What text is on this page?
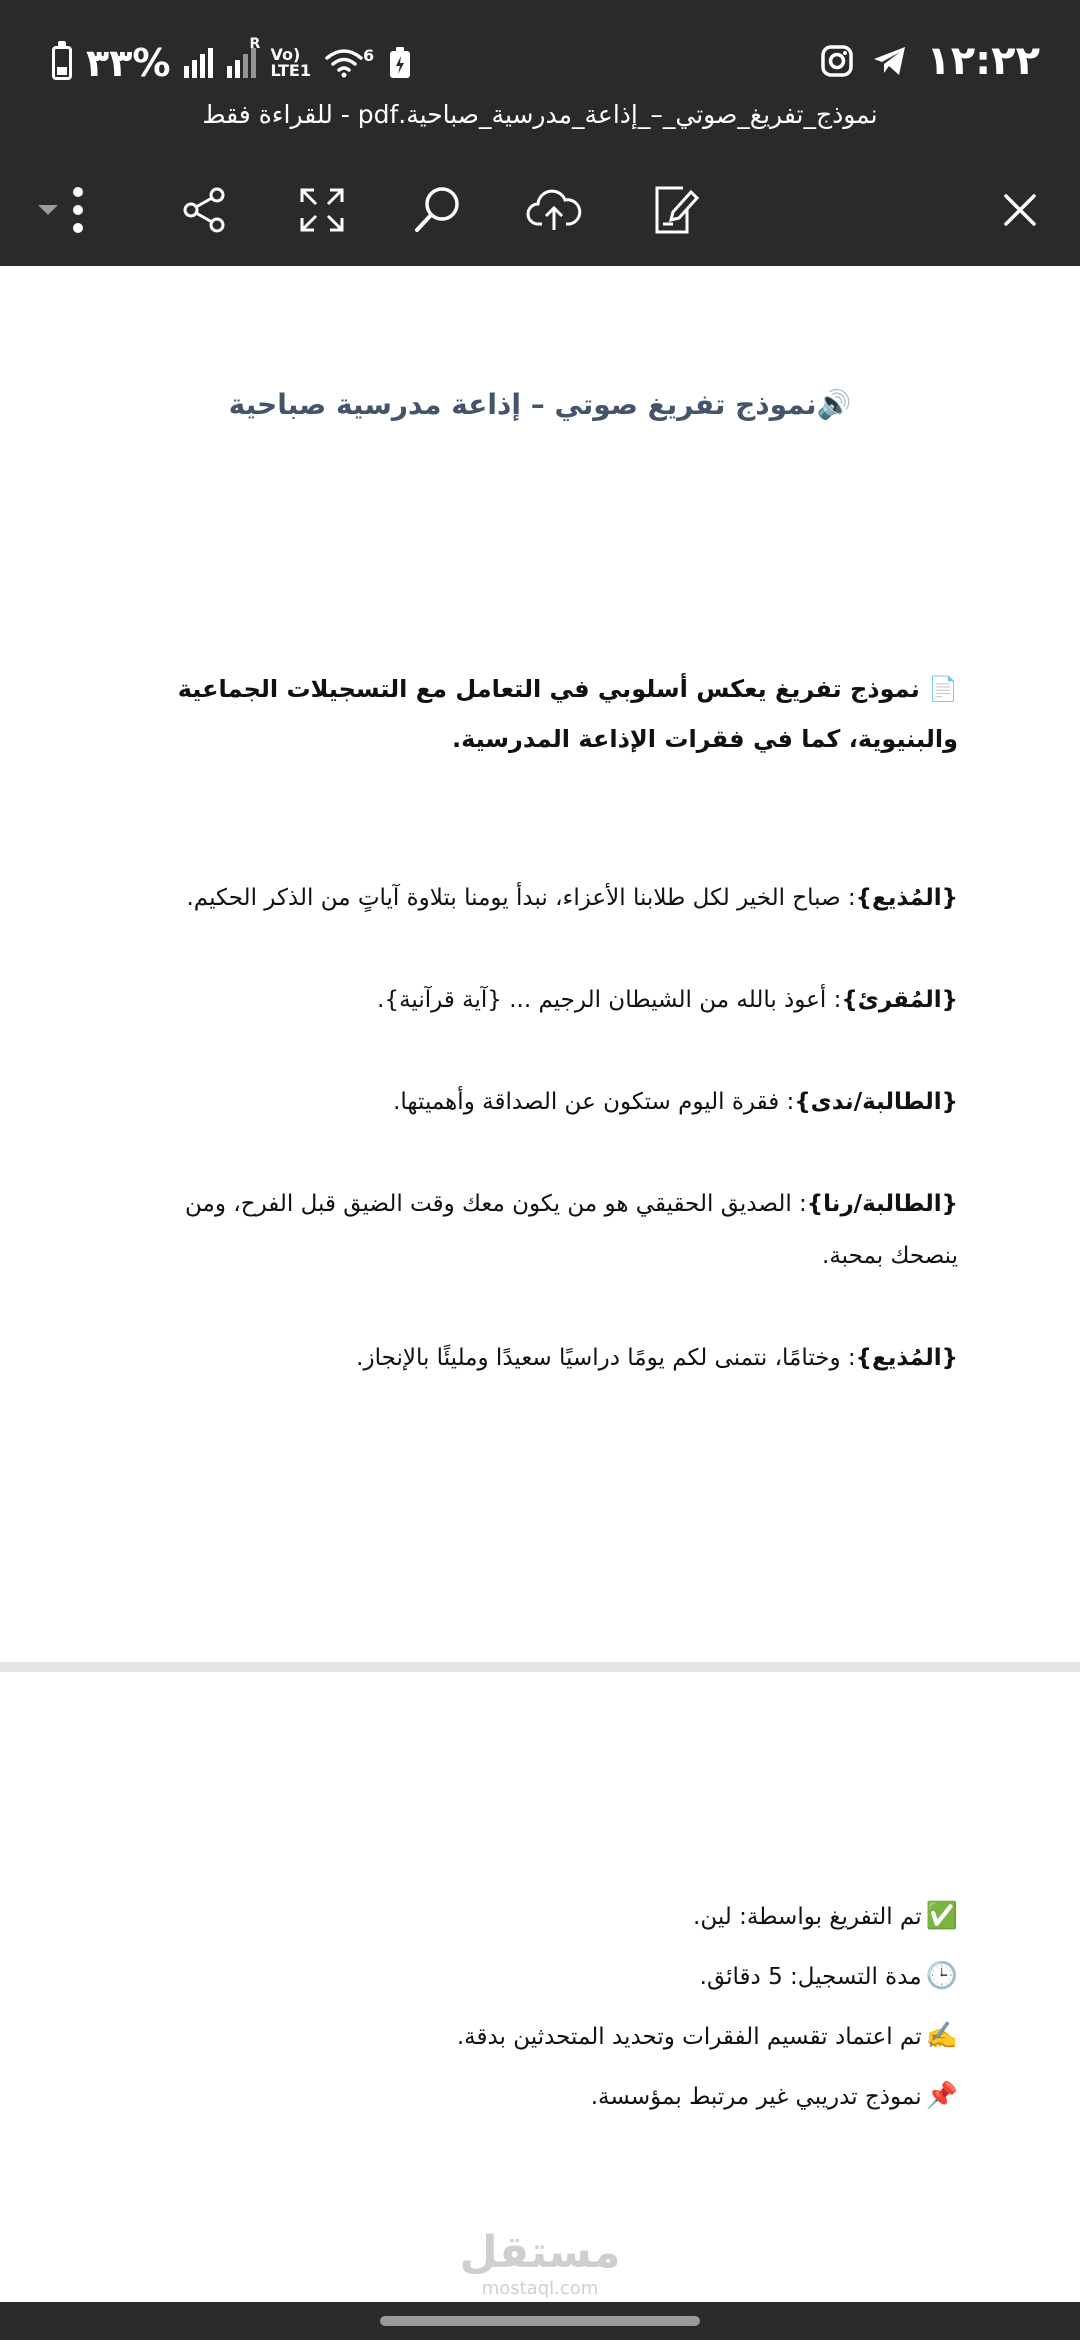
%٣٣	R
Vo)
LTE1
6	١٢:٢٢
نموذج_تفريغ_صوتي_–_إذاعة_مدرسية_صباحية.pdf - للقراءة فقط
🔊نموذج تفريغ صوتي – إذاعة مدرسية صباحية
📄 نموذج تفريغ يعكس أسلوبي في التعامل مع التسجيلات الجماعية والبنيوية، كما في فقرات الإذاعة المدرسية.
{المُذيع}: صباح الخير لكل طلابنا الأعزاء، نبدأ يومنا بتلاوة آياتٍ من الذكر الحكيم.
{المُقرئ}: أعوذ بالله من الشيطان الرجيم ... {آية قرآنية}.
{الطالبة/ندى}: فقرة اليوم ستكون عن الصداقة وأهميتها.
{الطالبة/رنا}: الصديق الحقيقي هو من يكون معك وقت الضيق قبل الفرح، ومن ينصحك بمحبة.
{المُذيع}: وختامًا، نتمنى لكم يومًا دراسيًا سعيدًا ومليئًا بالإنجاز.
✅تم التفريغ بواسطة: لين.
🕒مدة التسجيل: 5 دقائق.
✍️تم اعتماد تقسيم الفقرات وتحديد المتحدثين بدقة.
📌نموذج تدريبي غير مرتبط بمؤسسة.
مستقل
mostaql.com
